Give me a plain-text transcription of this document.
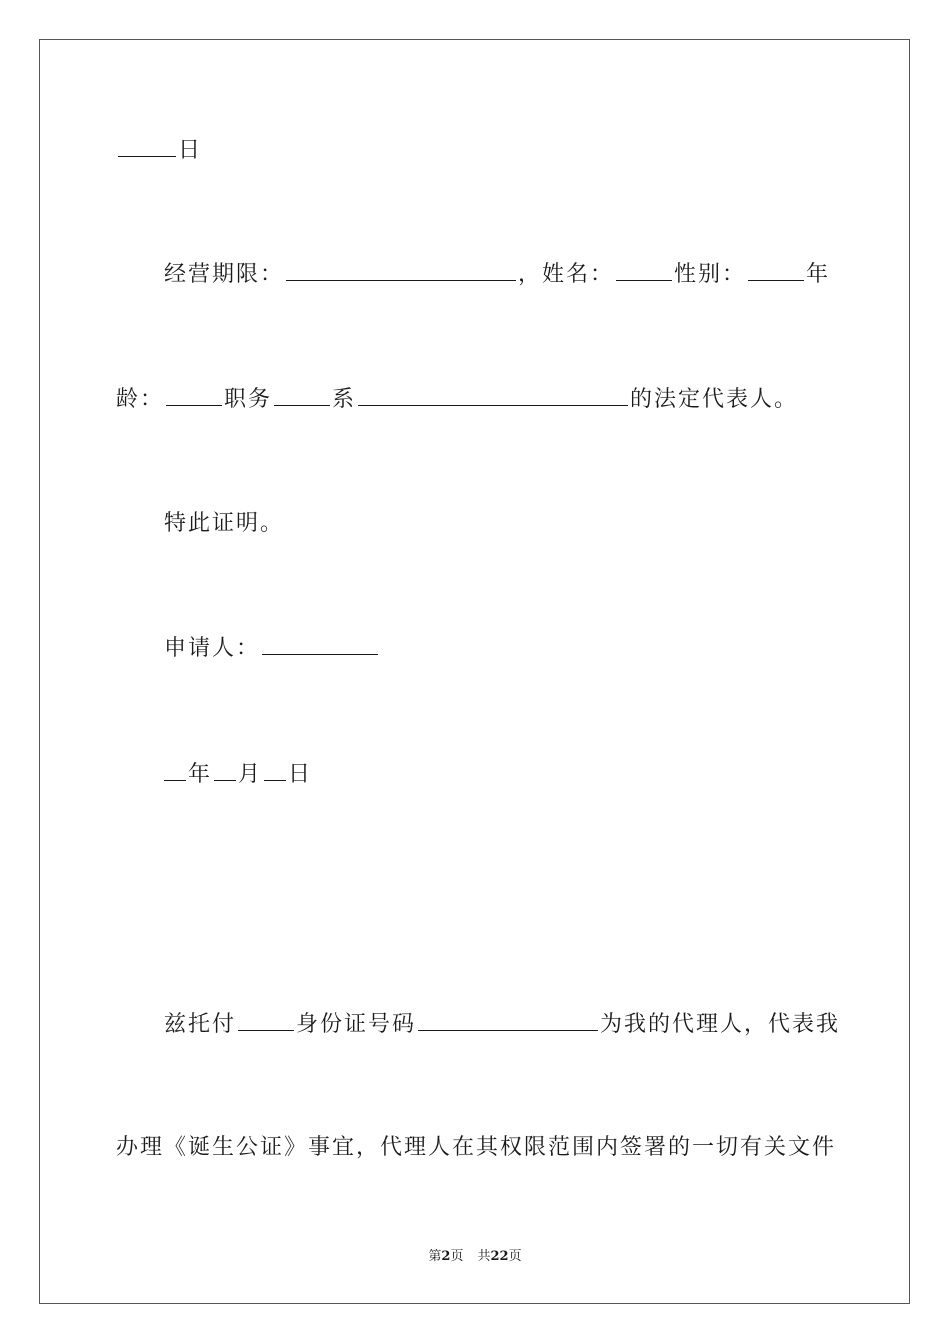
日
经营期限：	，姓名：	性别：	年
龄：	职务	系	的法定代表人。
特此证明。
申请人：
年 月 日
兹托付	身份证号码	为我的代理人，代表我
办理《诞生公证》事宜，代理人在其权限范围内签署的一切有关文件
第2页 共22页
